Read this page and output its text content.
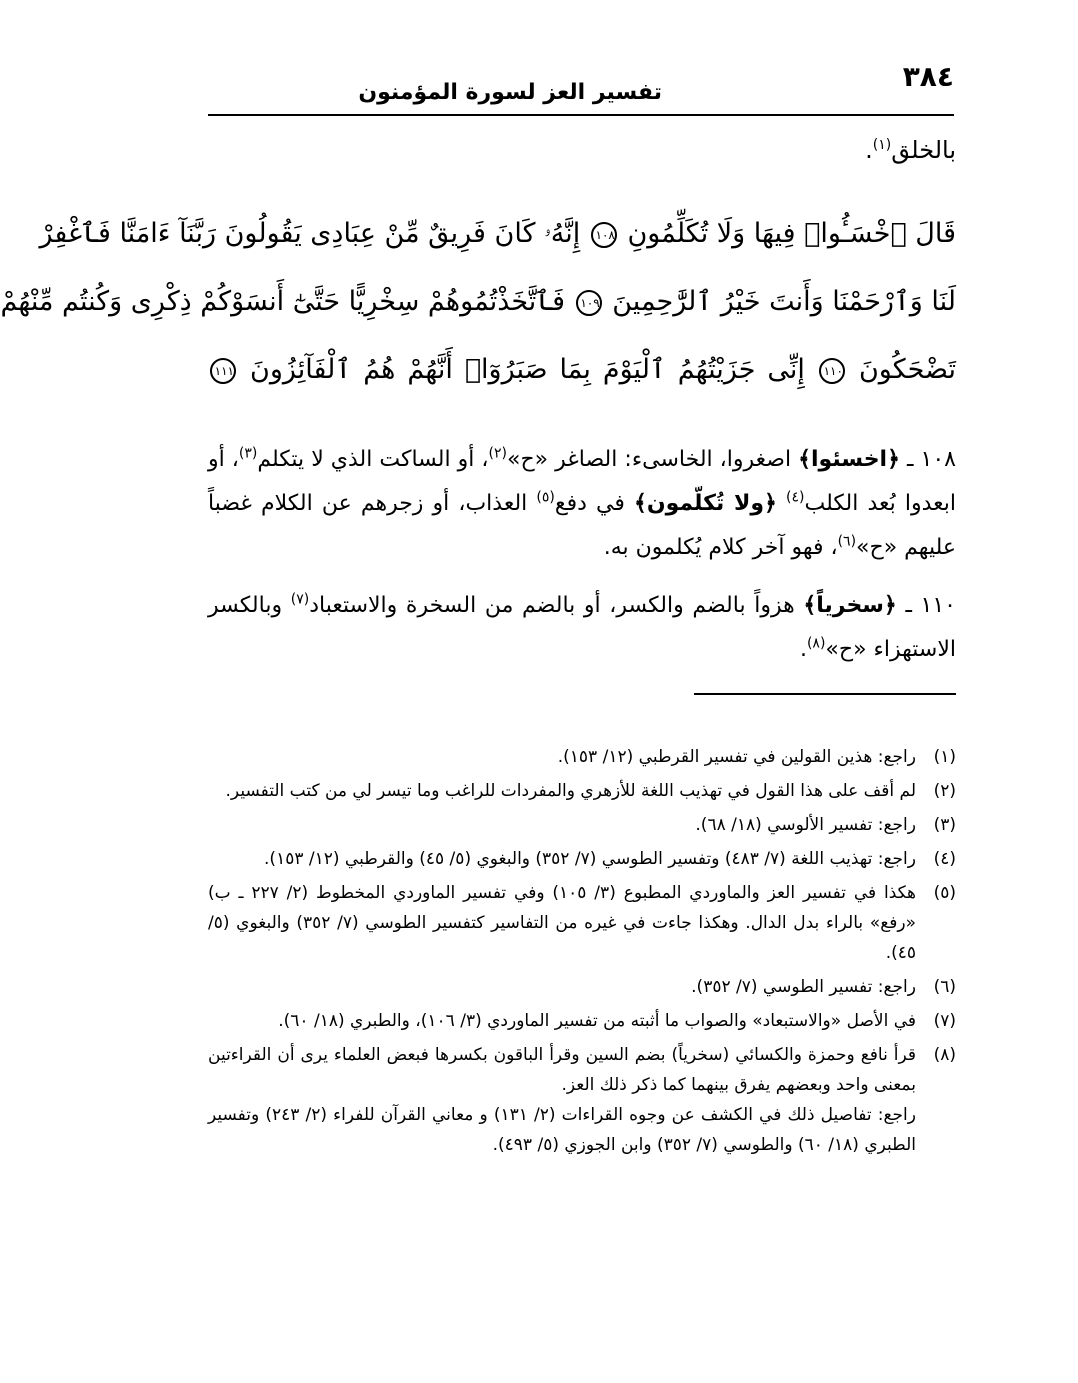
٣٨٤
تفسير العز لسورة المؤمنون
بالخلق$^{(١)}$.
قَالَ ٱخْسَـُٔوا۟ فِيهَا وَلَا تُكَلِّمُونِ ١٠٨ إِنَّهُۥ كَانَ فَرِيقٌ مِّنْ عِبَادِى يَقُولُونَ رَبَّنَآ ءَامَنَّا فَٱغْفِرْ
لَنَا وَٱرْحَمْنَا وَأَنتَ خَيْرُ ٱلرَّٰحِمِينَ ١٠٩ فَٱتَّخَذْتُمُوهُمْ سِخْرِيًّا حَتَّىٰٓ أَنسَوْكُمْ ذِكْرِى وَكُنتُم مِّنْهُمْ
تَضْحَكُونَ ١١٠ إِنِّى جَزَيْتُهُمُ ٱلْيَوْمَ بِمَا صَبَرُوٓا۟ أَنَّهُمْ هُمُ ٱلْفَآئِزُونَ ١١١
١٠٨ ـ ﴿اخسئوا﴾ اصغروا، الخاسىء: الصاغر «ح»$^{(٢)}$، أو الساكت الذي لا يتكلم$^{(٣)}$، أو ابعدوا بُعد الكلب$^{(٤)}$ ﴿ولا تُكلّمون﴾ في دفع$^{(٥)}$ العذاب، أو زجرهم عن الكلام غضباً عليهم «ح»$^{(٦)}$، فهو آخر كلام يُكلمون به.
١١٠ ـ ﴿سخرياً﴾ هزواً بالضم والكسر، أو بالضم من السخرة والاستعباد$^{(٧)}$ وبالكسر الاستهزاء «ح»$^{(٨)}$.
(١)
راجع: هذين القولين في تفسير القرطبي (١٢/ ١٥٣).
(٢)
لم أقف على هذا القول في تهذيب اللغة للأزهري والمفردات للراغب وما تيسر لي من كتب التفسير.
(٣)
راجع: تفسير الألوسي (١٨/ ٦٨).
(٤)
راجع: تهذيب اللغة (٧/ ٤٨٣) وتفسير الطوسي (٧/ ٣٥٢) والبغوي (٥/ ٤٥) والقرطبي (١٢/ ١٥٣).
(٥)
هكذا في تفسير العز والماوردي المطبوع (٣/ ١٠٥) وفي تفسير الماوردي المخطوط (٢/ ٢٢٧ ـ ب) «رفع» بالراء بدل الدال. وهكذا جاءت في غيره من التفاسير كتفسير الطوسي (٧/ ٣٥٢) والبغوي (٥/ ٤٥).
(٦)
راجع: تفسير الطوسي (٧/ ٣٥٢).
(٧)
في الأصل «والاستبعاد» والصواب ما أثبته من تفسير الماوردي (٣/ ١٠٦)، والطبري (١٨/ ٦٠).
(٨)
قرأ نافع وحمزة والكسائي (سخرياً) بضم السين وقرأ الباقون بكسرها فبعض العلماء يرى أن القراءتين بمعنى واحد وبعضهم يفرق بينهما كما ذكر ذلك العز.
راجع: تفاصيل ذلك في الكشف عن وجوه القراءات (٢/ ١٣١) و معاني القرآن للفراء (٢/ ٢٤٣) وتفسير الطبري (١٨/ ٦٠) والطوسي (٧/ ٣٥٢) وابن الجوزي (٥/ ٤٩٣).
